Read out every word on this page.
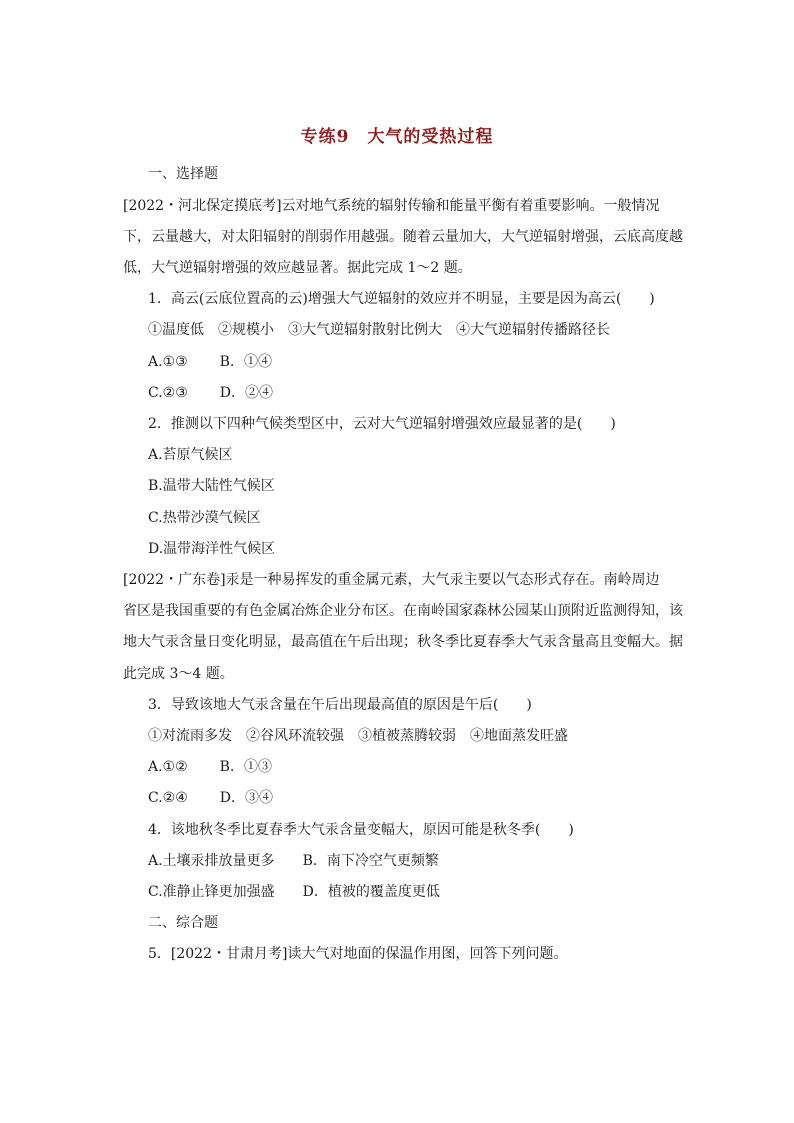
专练9　大气的受热过程
一、选择题
[2022・河北保定摸底考]云对地气系统的辐射传输和能量平衡有着重要影响。一般情况
下，云量越大，对太阳辐射的削弱作用越强。随着云量加大，大气逆辐射增强，云底高度越
低，大气逆辐射增强的效应越显著。据此完成 1～2 题。
1．高云(云底位置高的云)增强大气逆辐射的效应并不明显，主要是因为高云(　　)
①温度低　②规模小　③大气逆辐射散射比例大　④大气逆辐射传播路径长
A.①③ B．①④
C.②③ D．②④
2．推测以下四种气候类型区中，云对大气逆辐射增强效应最显著的是(　　)
A.苔原气候区
B.温带大陆性气候区
C.热带沙漠气候区
D.温带海洋性气候区
[2022・广东卷]汞是一种易挥发的重金属元素，大气汞主要以气态形式存在。南岭周边
省区是我国重要的有色金属冶炼企业分布区。在南岭国家森林公园某山顶附近监测得知，该
地大气汞含量日变化明显，最高值在午后出现；秋冬季比夏春季大气汞含量高且变幅大。据
此完成 3～4 题。
3．导致该地大气汞含量在午后出现最高值的原因是午后(　　)
①对流雨多发　②谷风环流较强　③植被蒸腾较弱　④地面蒸发旺盛
A.①② B．①③
C.②④ D．③④
4．该地秋冬季比夏春季大气汞含量变幅大，原因可能是秋冬季(　　)
A.土壤汞排放量更多 B．南下冷空气更频繁
C.准静止锋更加强盛 D．植被的覆盖度更低
二、综合题
5．[2022・甘肃月考]读大气对地面的保温作用图，回答下列问题。
